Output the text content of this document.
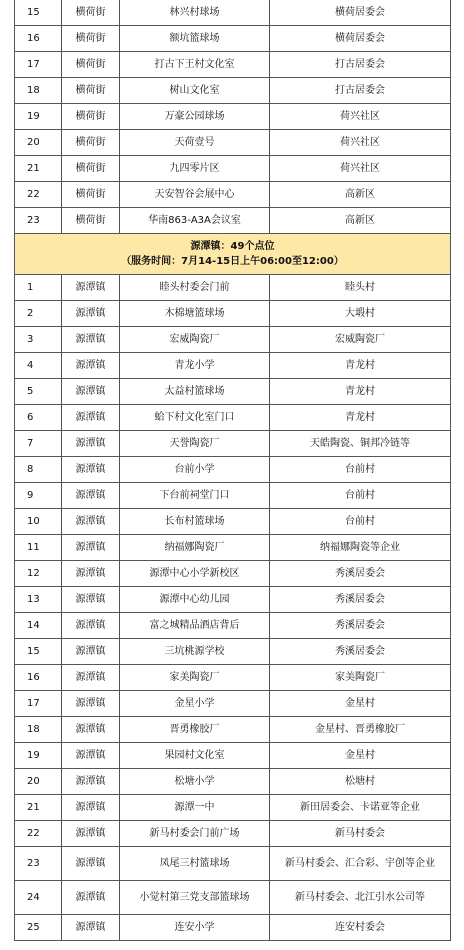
15	横荷街	林兴村球场	横荷居委会
16	横荷街	额坑篮球场	横荷居委会
17	横荷街	打古下王村文化室	打古居委会
18	横荷街	树山文化室	打古居委会
19	横荷街	万豪公园球场	荷兴社区
20	横荷街	天荷壹号	荷兴社区
21	横荷街	九四零片区	荷兴社区
22	横荷街	天安智谷会展中心	高新区
23	横荷街	华南863-A3A会议室	高新区

源潭镇：49个点位
（服务时间：7月14-15日上午06:00至12:00）			

1	源潭镇	睦头村委会门前	睦头村
2	源潭镇	木棉塘篮球场	大塅村
3	源潭镇	宏威陶瓷厂	宏威陶瓷厂
4	源潭镇	青龙小学	青龙村
5	源潭镇	太益村篮球场	青龙村
6	源潭镇	蛤下村文化室门口	青龙村
7	源潭镇	天誉陶瓷厂	天皓陶瓷、铜邦冷链等
8	源潭镇	台前小学	台前村
9	源潭镇	下台前祠堂门口	台前村
10	源潭镇	长布村篮球场	台前村
11	源潭镇	纳福娜陶瓷厂	纳福娜陶瓷等企业
12	源潭镇	源潭中心小学新校区	秀溪居委会
13	源潭镇	源潭中心幼儿园	秀溪居委会
14	源潭镇	富之城精品酒店背后	秀溪居委会
15	源潭镇	三坑桃源学校	秀溪居委会
16	源潭镇	家美陶瓷厂	家美陶瓷厂
17	源潭镇	金星小学	金星村
18	源潭镇	晋勇橡胶厂	金星村、晋勇橡胶厂
19	源潭镇	果园村文化室	金星村
20	源潭镇	松塘小学	松塘村
21	源潭镇	源潭一中	新田居委会、卡诺亚等企业
22	源潭镇	新马村委会门前广场	新马村委会
23	源潭镇	凤尾三村篮球场	新马村委会、汇合彩、宇创等企业
24	源潭镇	小觉村第三党支部篮球场	新马村委会、北江引水公司等
25	源潭镇	连安小学	连安村委会
